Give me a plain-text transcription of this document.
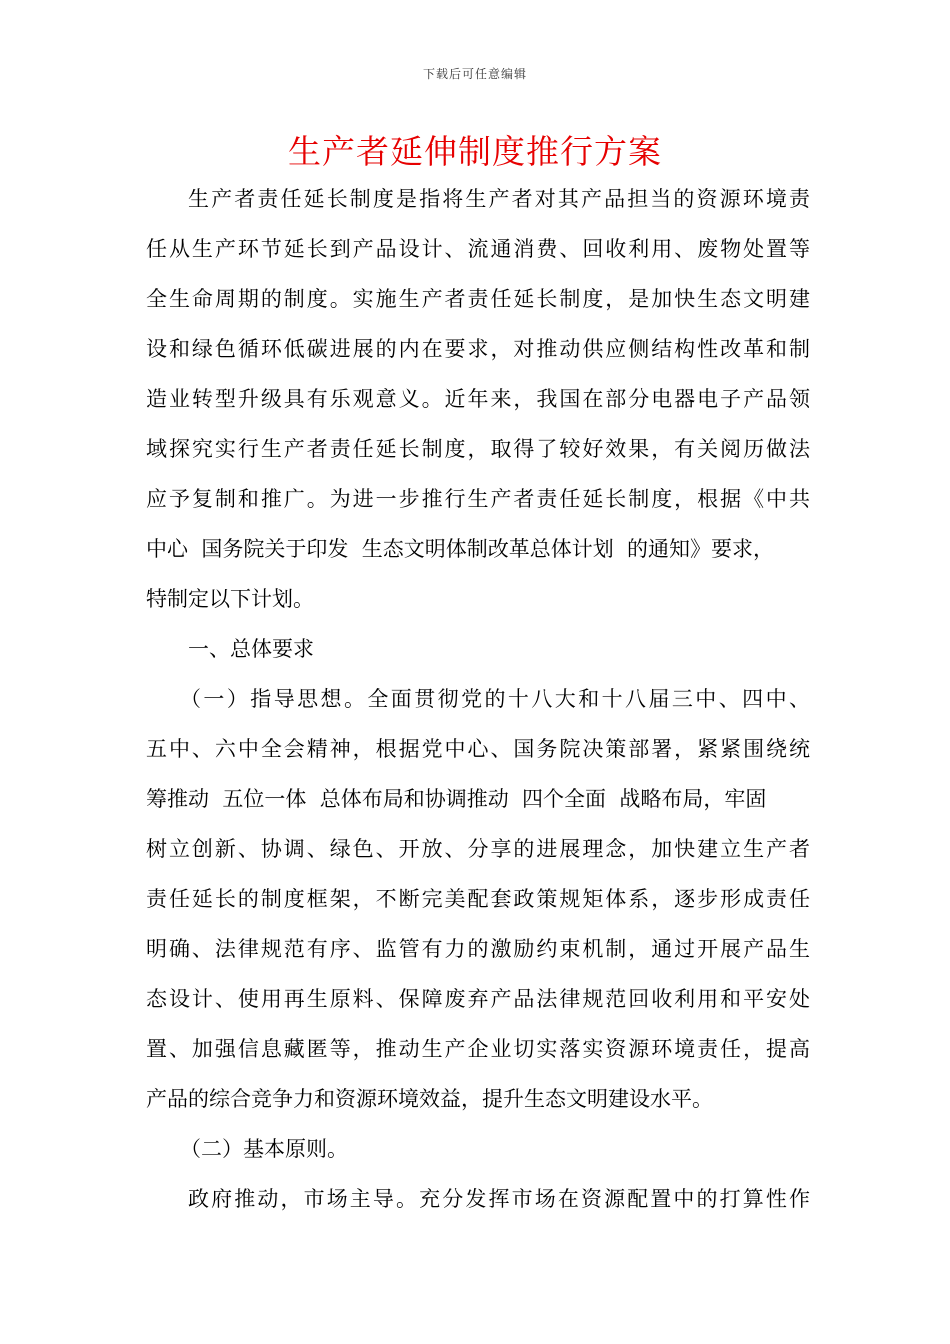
下载后可任意编辑
生产者延伸制度推行方案
生产者责任延长制度是指将生产者对其产品担当的资源环境责
任从生产环节延长到产品设计、流通消费、回收利用、废物处置等
全生命周期的制度。实施生产者责任延长制度，是加快生态文明建
设和绿色循环低碳进展的内在要求，对推动供应侧结构性改革和制
造业转型升级具有乐观意义。近年来，我国在部分电器电子产品领
域探究实行生产者责任延长制度，取得了较好效果，有关阅历做法
应予复制和推广。为进一步推行生产者责任延长制度，根据《中共
中心  国务院关于印发  生态文明体制改革总体计划  的通知》要求，
特制定以下计划。
一、总体要求
（一）指导思想。全面贯彻党的十八大和十八届三中、四中、
五中、六中全会精神，根据党中心、国务院决策部署，紧紧围绕统
筹推动  五位一体  总体布局和协调推动  四个全面  战略布局，牢固
树立创新、协调、绿色、开放、分享的进展理念，加快建立生产者
责任延长的制度框架，不断完美配套政策规矩体系，逐步形成责任
明确、法律规范有序、监管有力的激励约束机制，通过开展产品生
态设计、使用再生原料、保障废弃产品法律规范回收利用和平安处
置、加强信息藏匿等，推动生产企业切实落实资源环境责任，提高
产品的综合竞争力和资源环境效益，提升生态文明建设水平。
（二）基本原则。
政府推动，市场主导。充分发挥市场在资源配置中的打算性作
